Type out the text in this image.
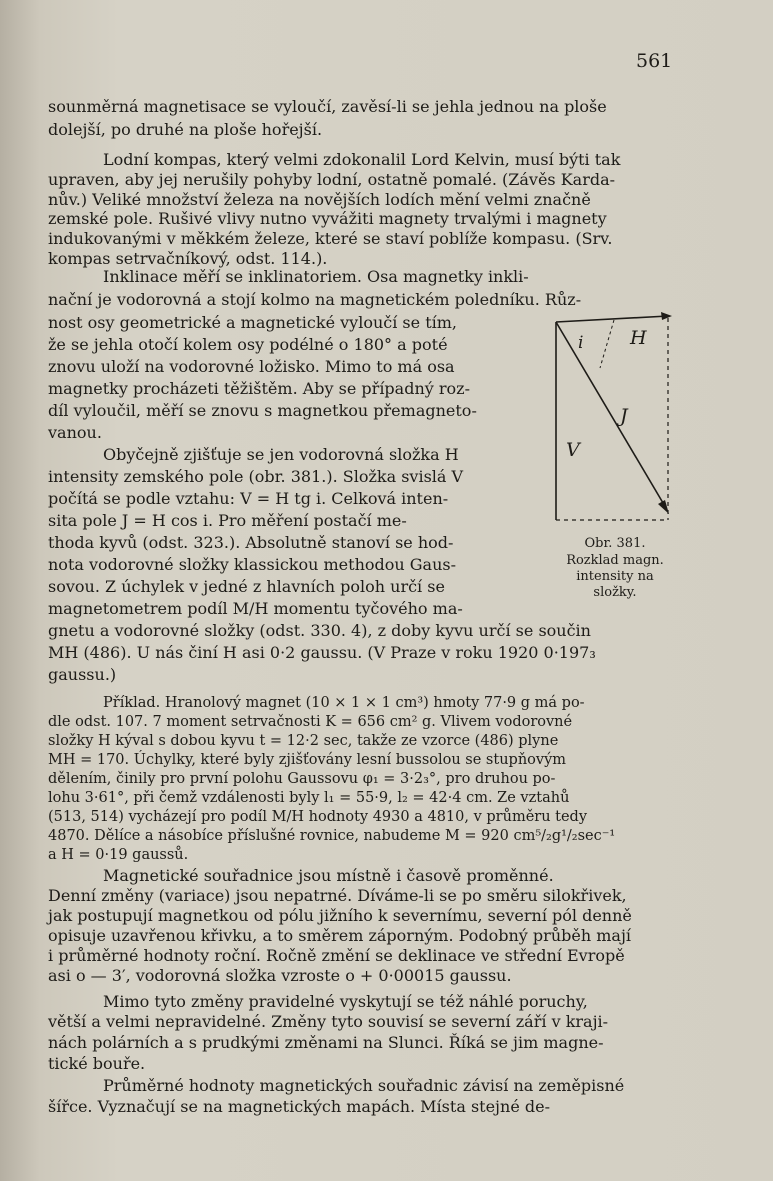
561
sounměrná magnetisace se vyloučí, zavěsí-li se jehla jednou na ploše
dolejší, po druhé na ploše hořejší.
Lodní kompas, který velmi zdokonalil Lord Kelvin, musí býti tak
upraven, aby jej nerušily pohyby lodní, ostatně pomalé. (Závěs Karda-
nův.) Veliké množství železa na novějších lodích mění velmi značně
zemské pole. Rušivé vlivy nutno vyvážiti magnety trvalými i magnety
indukovanými v měkkém železe, které se staví poblíže kompasu. (Srv.
kompas setrvačníkový, odst. 114.).
Inklinace měří se inklinatoriem. Osa magnetky inkli-
nační je vodorovná a stojí kolmo na magnetickém poledníku. Růz-
nost osy geometrické a magnetické vyloučí se tím,
že se jehla otočí kolem osy podélné o 180° a poté
znovu uloží na vodorovné ložisko. Mimo to má osa
magnetky procházeti těžištěm. Aby se případný roz-
díl vyloučil, měří se znovu s magnetkou přemagneto-
vanou.
Obyčejně zjišťuje se jen vodorovná složka H
intensity zemského pole (obr. 381.). Složka svislá V
počítá se podle vztahu: V = H tg i. Celková inten-
sita pole J = H cos i. Pro měření postačí me-
thoda kyvů (odst. 323.). Absolutně stanoví se hod-
nota vodorovné složky klassickou methodou Gaus-
sovou. Z úchylek v jedné z hlavních poloh určí se
magnetometrem podíl M/H momentu tyčového ma-
gnetu a vodorovné složky (odst. 330. 4), z doby kyvu určí se součin
MH (486). U nás činí H asi 0·2 gaussu. (V Praze v roku 1920 0·197₃
gaussu.)
Příklad. Hranolový magnet (10 × 1 × 1 cm³) hmoty 77·9 g má po-
dle odst. 107. 7 moment setrvačnosti K = 656 cm² g. Vlivem vodorovné
složky H kýval s dobou kyvu t = 12·2 sec, takže ze vzorce (486) plyne
MH = 170. Úchylky, které byly zjišťovány lesní bussolou se stupňovým
dělením, činily pro první polohu Gaussovu φ₁ = 3·2₃°, pro druhou po-
lohu 3·61°, při čemž vzdálenosti byly l₁ = 55·9, l₂ = 42·4 cm. Ze vztahů
(513, 514) vycházejí pro podíl M/H hodnoty 4930 a 4810, v průměru tedy
4870. Dělíce a násobíce příslušné rovnice, nabudeme M = 920 cm⁵/₂g¹/₂sec⁻¹
a H = 0·19 gaussů.
Magnetické souřadnice jsou místně i časově proměnné.
Denní změny (variace) jsou nepatrné. Díváme-li se po směru silokřivek,
jak postupují magnetkou od pólu jižního k severnímu, severní pól denně
opisuje uzavřenou křivku, a to směrem záporným. Podobný průběh mají
i průměrné hodnoty roční. Ročně změní se deklinace ve střední Evropě
asi o — 3′, vodorovná složka vzroste o + 0·00015 gaussu.
Mimo tyto změny pravidelné vyskytují se též náhlé poruchy,
větší a velmi nepravidelné. Změny tyto souvisí se severní září v kraji-
nách polárních a s prudkými změnami na Slunci. Říká se jim magne-
tické bouře.
Průměrné hodnoty magnetických souřadnic závisí na zeměpisné
šířce. Vyznačují se na magnetických mapách. Místa stejné de-
i H
J
V
Obr. 381.
Rozklad magn.
intensity na
složky.
